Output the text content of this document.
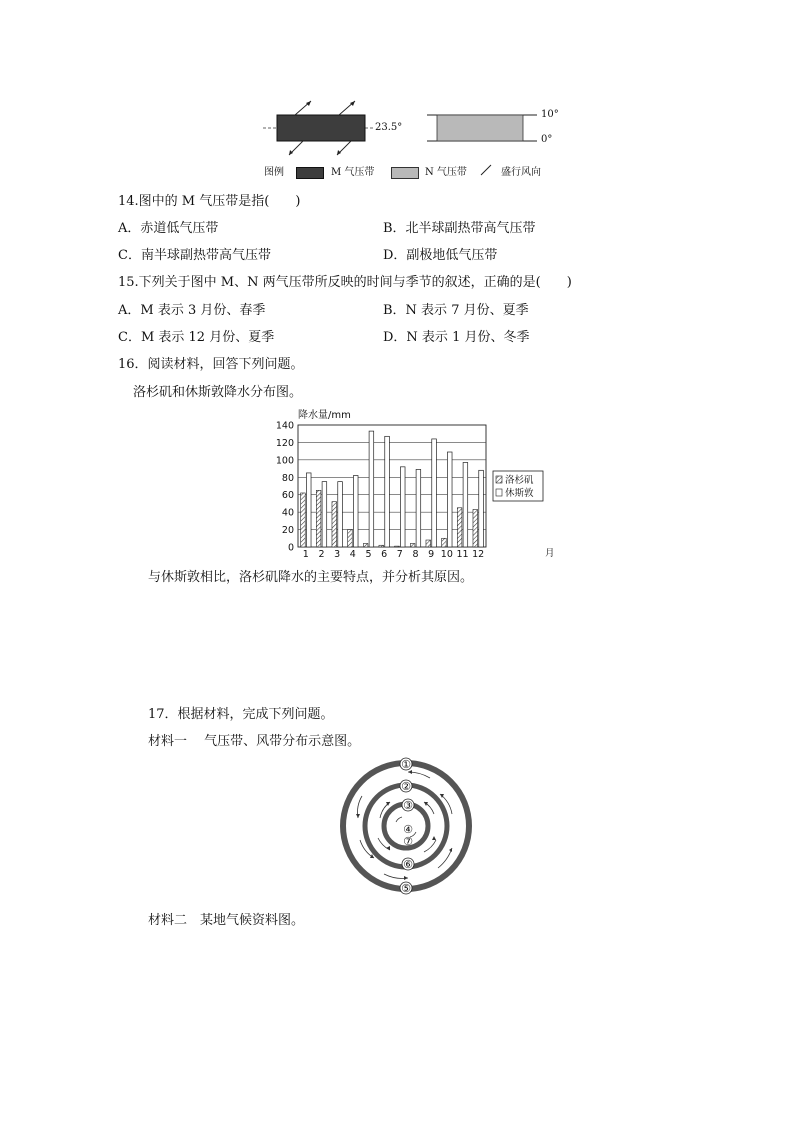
23.5°
10°
0°
图例	M 气压带	N 气压带	盛行风向
14.图中的 M 气压带是指(　　)
A．赤道低气压带	B．北半球副热带高气压带
C．南半球副热带高气压带	D．副极地低气压带
15.下列关于图中 M、N 两气压带所反映的时间与季节的叙述，正确的是(　　)
A．M 表示 3 月份、春季	B．N 表示 7 月份、夏季
C．M 表示 12 月份、夏季	D．N 表示 1 月份、冬季
16．阅读材料，回答下列问题。
洛杉矶和休斯敦降水分布图。
降水量/mm
0
20
40
60
80
100
120
140
1 2 3 4 5 6 7 8 9 10 11 12	月
洛杉矶
休斯敦
与休斯敦相比，洛杉矶降水的主要特点，并分析其原因。
17．根据材料，完成下列问题。
材料一　 气压带、风带分布示意图。
①
②
③
④
⑤
⑥
⑦
材料二　某地气候资料图。
